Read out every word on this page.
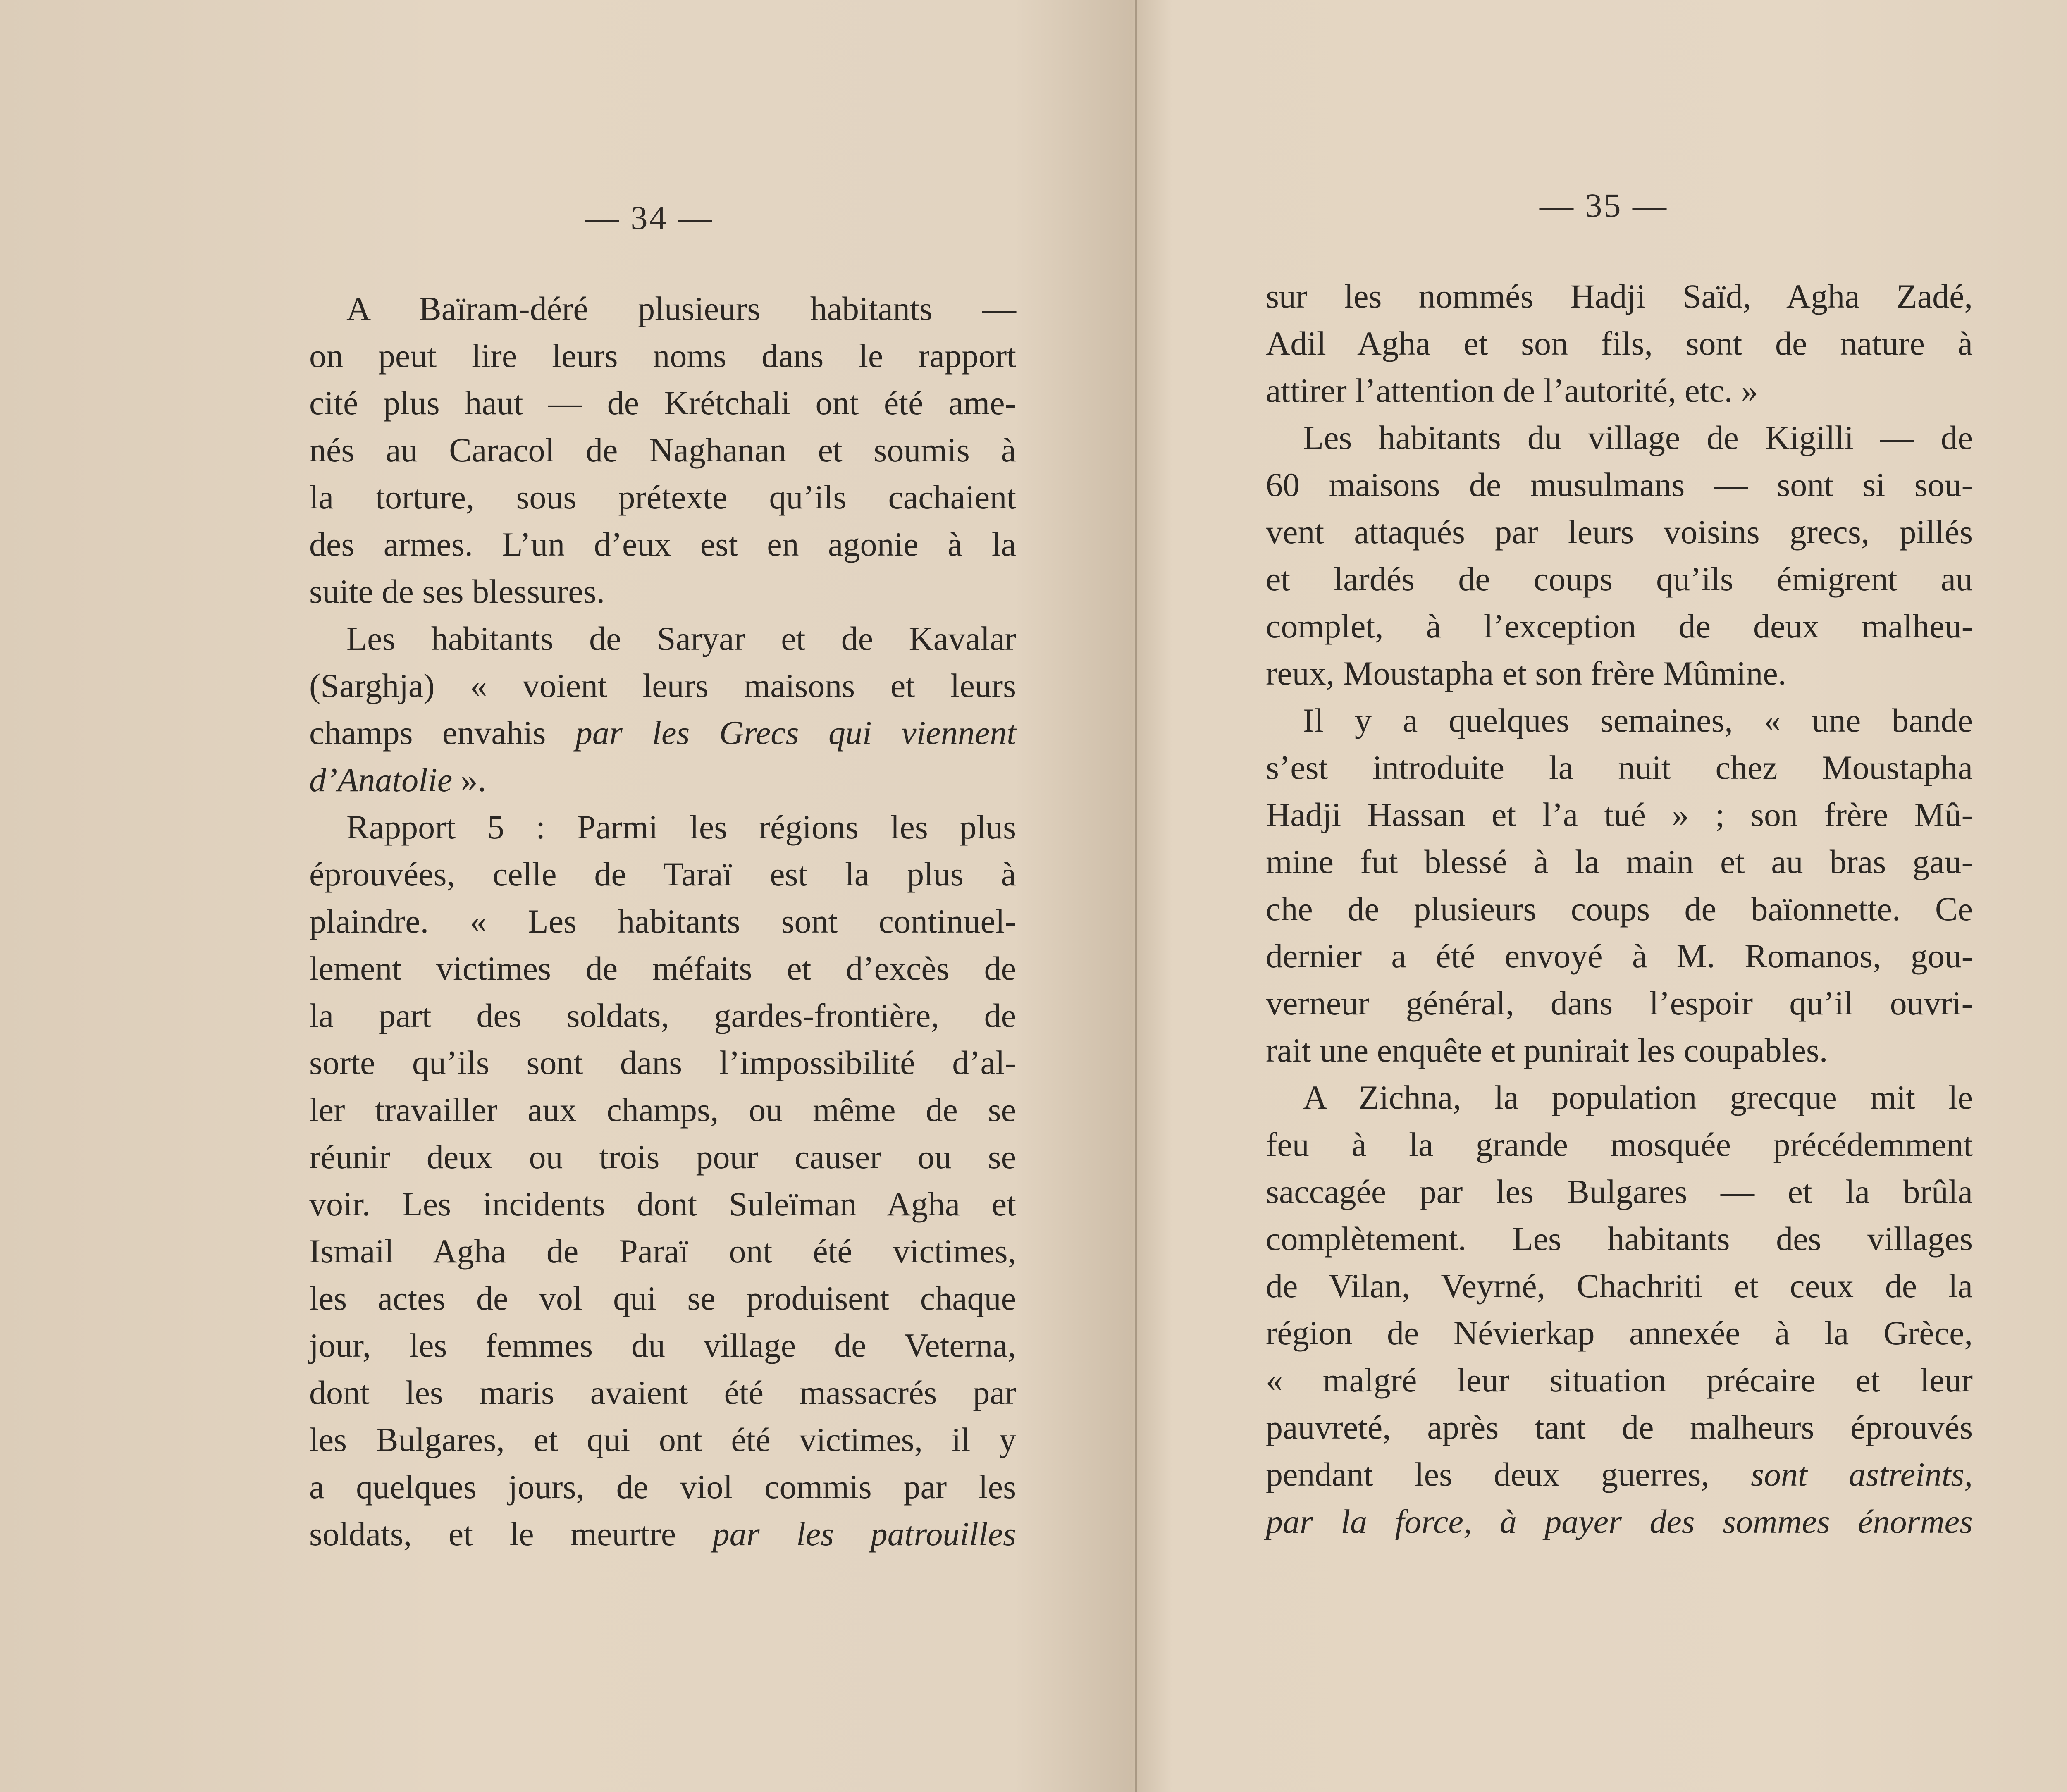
— 34 —
A Baïram-déré plusieurs habitants —
on peut lire leurs noms dans le rapport
cité plus haut — de Krétchali ont été ame-
nés au Caracol de Naghanan et soumis à
la torture, sous prétexte qu’ils cachaient
des armes. L’un d’eux est en agonie à la
suite de ses blessures.
Les habitants de Saryar et de Kavalar
(Sarghja) « voient leurs maisons et leurs
champs envahis par les Grecs qui viennent
d’Anatolie ».
Rapport 5 : Parmi les régions les plus
éprouvées, celle de Taraï est la plus à
plaindre. « Les habitants sont continuel-
lement victimes de méfaits et d’excès de
la part des soldats, gardes-frontière, de
sorte qu’ils sont dans l’impossibilité d’al-
ler travailler aux champs, ou même de se
réunir deux ou trois pour causer ou se
voir. Les incidents dont Suleïman Agha et
Ismail Agha de Paraï ont été victimes,
les actes de vol qui se produisent chaque
jour, les femmes du village de Veterna,
dont les maris avaient été massacrés par
les Bulgares, et qui ont été victimes, il y
a quelques jours, de viol commis par les
soldats, et le meurtre par les patrouilles
— 35 —
sur les nommés Hadji Saïd, Agha Zadé,
Adil Agha et son fils, sont de nature à
attirer l’attention de l’autorité, etc. »
Les habitants du village de Kigilli — de
60 maisons de musulmans — sont si sou-
vent attaqués par leurs voisins grecs, pillés
et lardés de coups qu’ils émigrent au
complet, à l’exception de deux malheu-
reux, Moustapha et son frère Mûmine.
Il y a quelques semaines, « une bande
s’est introduite la nuit chez Moustapha
Hadji Hassan et l’a tué » ; son frère Mû-
mine fut blessé à la main et au bras gau-
che de plusieurs coups de baïonnette. Ce
dernier a été envoyé à M. Romanos, gou-
verneur général, dans l’espoir qu’il ouvri-
rait une enquête et punirait les coupables.
A Zichna, la population grecque mit le
feu à la grande mosquée précédemment
saccagée par les Bulgares — et la brûla
complètement. Les habitants des villages
de Vilan, Veyrné, Chachriti et ceux de la
région de Névierkap annexée à la Grèce,
« malgré leur situation précaire et leur
pauvreté, après tant de malheurs éprouvés
pendant les deux guerres, sont astreints,
par la force, à payer des sommes énormes
